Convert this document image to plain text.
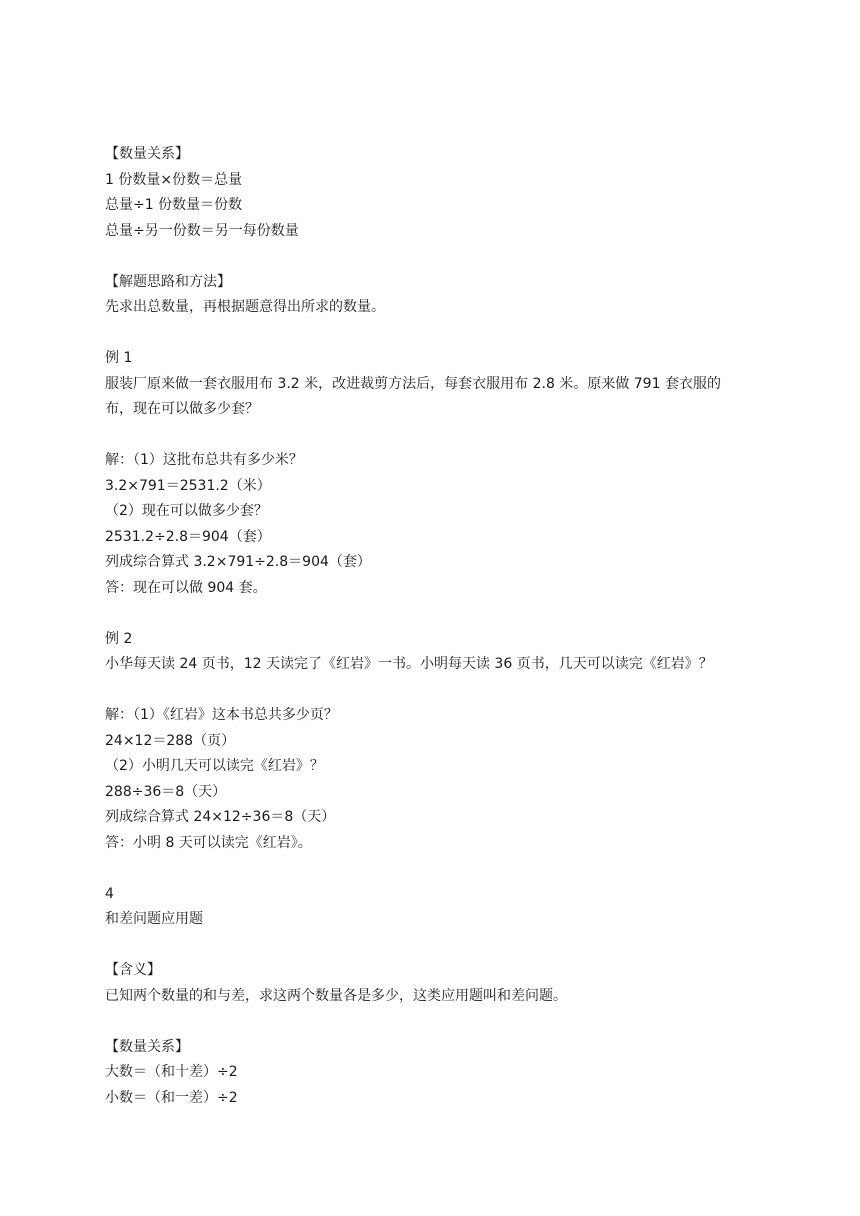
【数量关系】
1 份数量×份数＝总量
总量÷1 份数量＝份数
总量÷另一份数＝另一每份数量
【解题思路和方法】
先求出总数量，再根据题意得出所求的数量。
例 1
服装厂原来做一套衣服用布 3.2 米，改进裁剪方法后，每套衣服用布 2.8 米。原来做 791 套衣服的
布，现在可以做多少套？
解：（1）这批布总共有多少米？
3.2×791＝2531.2（米）
（2）现在可以做多少套？
2531.2÷2.8＝904（套）
列成综合算式 3.2×791÷2.8＝904（套）
答：现在可以做 904 套。
例 2
小华每天读 24 页书，12 天读完了《红岩》一书。小明每天读 36 页书，几天可以读完《红岩》？
解：（1）《红岩》这本书总共多少页？
24×12＝288（页）
（2）小明几天可以读完《红岩》？
288÷36＝8（天）
列成综合算式 24×12÷36＝8（天）
答：小明 8 天可以读完《红岩》。
4
和差问题应用题
【含义】
已知两个数量的和与差，求这两个数量各是多少，这类应用题叫和差问题。
【数量关系】
大数＝（和十差）÷2
小数＝（和一差）÷2
